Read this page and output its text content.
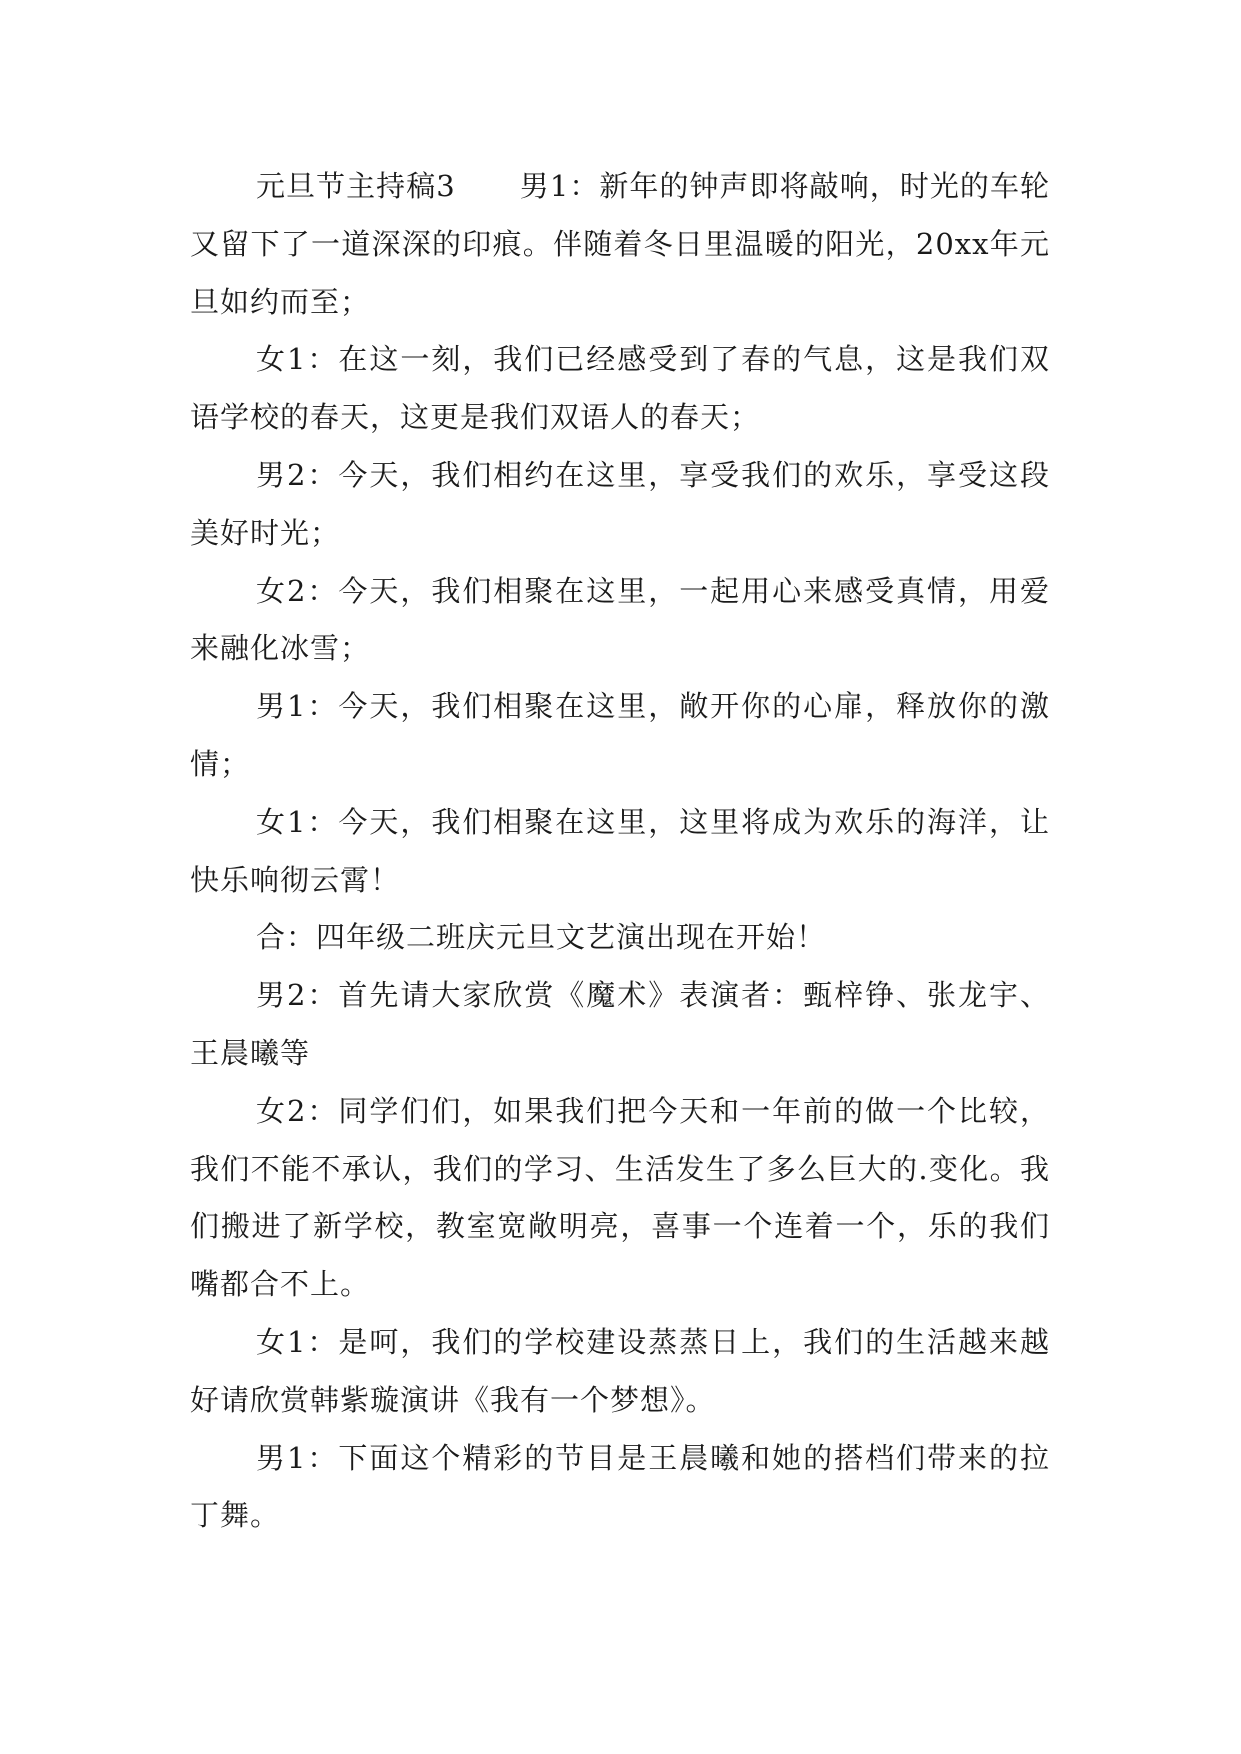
元旦节主持稿3 男1：新年的钟声即将敲响，时光的车轮又留下了一道深深的印痕。伴随着冬日里温暖的阳光，20xx年元旦如约而至；

女1：在这一刻，我们已经感受到了春的气息，这是我们双语学校的春天，这更是我们双语人的春天；

男2：今天，我们相约在这里，享受我们的欢乐，享受这段美好时光；

女2：今天，我们相聚在这里，一起用心来感受真情，用爱来融化冰雪；

男1：今天，我们相聚在这里，敞开你的心扉，释放你的激情；

女1：今天，我们相聚在这里，这里将成为欢乐的海洋，让快乐响彻云霄！

合：四年级二班庆元旦文艺演出现在开始！

男2：首先请大家欣赏《魔术》表演者：甄梓铮、张龙宇、王晨曦等

女2：同学们们，如果我们把今天和一年前的做一个比较，我们不能不承认，我们的学习、生活发生了多么巨大的.变化。我们搬进了新学校，教室宽敞明亮，喜事一个连着一个，乐的我们嘴都合不上。

女1：是呵，我们的学校建设蒸蒸日上，我们的生活越来越好请欣赏韩紫璇演讲《我有一个梦想》。

男1：下面这个精彩的节目是王晨曦和她的搭档们带来的拉丁舞。
